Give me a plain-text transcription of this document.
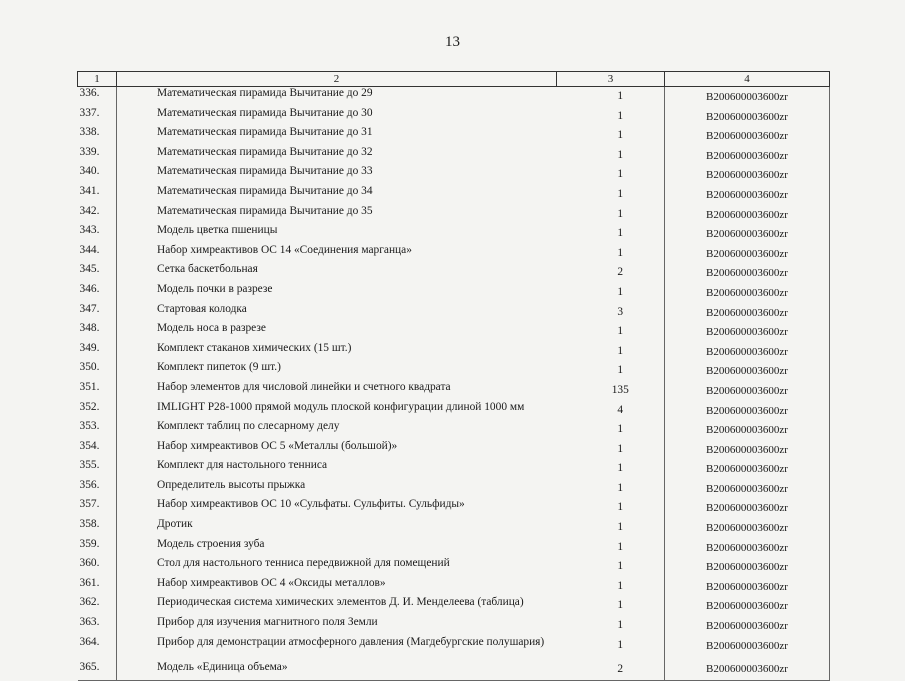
13
1	2	3	4
336.	Математическая пирамида Вычитание до 29	1	B200600003600zr
337.	Математическая пирамида Вычитание до 30	1	B200600003600zr
338.	Математическая пирамида Вычитание до 31	1	B200600003600zr
339.	Математическая пирамида Вычитание до 32	1	B200600003600zr
340.	Математическая пирамида Вычитание до 33	1	B200600003600zr
341.	Математическая пирамида Вычитание до 34	1	B200600003600zr
342.	Математическая пирамида Вычитание до 35	1	B200600003600zr
343.	Модель цветка пшеницы	1	B200600003600zr
344.	Набор химреактивов ОС 14 «Соединения марганца»	1	B200600003600zr
345.	Сетка баскетбольная	2	B200600003600zr
346.	Модель почки в разрезе	1	B200600003600zr
347.	Стартовая колодка	3	B200600003600zr
348.	Модель носа в разрезе	1	B200600003600zr
349.	Комплект стаканов химических (15 шт.)	1	B200600003600zr
350.	Комплект пипеток (9 шт.)	1	B200600003600zr
351.	Набор элементов для числовой линейки и счетного квадрата	135	B200600003600zr
352.	IMLIGHT P28-1000 прямой модуль плоской конфигурации длиной 1000 мм	4	B200600003600zr
353.	Комплект таблиц по слесарному делу	1	B200600003600zr
354.	Набор химреактивов ОС 5 «Металлы (большой)»	1	B200600003600zr
355.	Комплект для настольного тенниса	1	B200600003600zr
356.	Определитель высоты прыжка	1	B200600003600zr
357.	Набор химреактивов ОС 10 «Сульфаты. Сульфиты. Сульфиды»	1	B200600003600zr
358.	Дротик	1	B200600003600zr
359.	Модель строения зуба	1	B200600003600zr
360.	Стол для настольного тенниса передвижной для помещений	1	B200600003600zr
361.	Набор химреактивов ОС 4 «Оксиды металлов»	1	B200600003600zr
362.	Периодическая система химических элементов Д. И. Менделеева (таблица)	1	B200600003600zr
363.	Прибор для изучения магнитного поля Земли	1	B200600003600zr
364.	Прибор для демонстрации атмосферного давления (Магдебургские полушария)	1	B200600003600zr
365.	Модель «Единица объема»	2	B200600003600zr
